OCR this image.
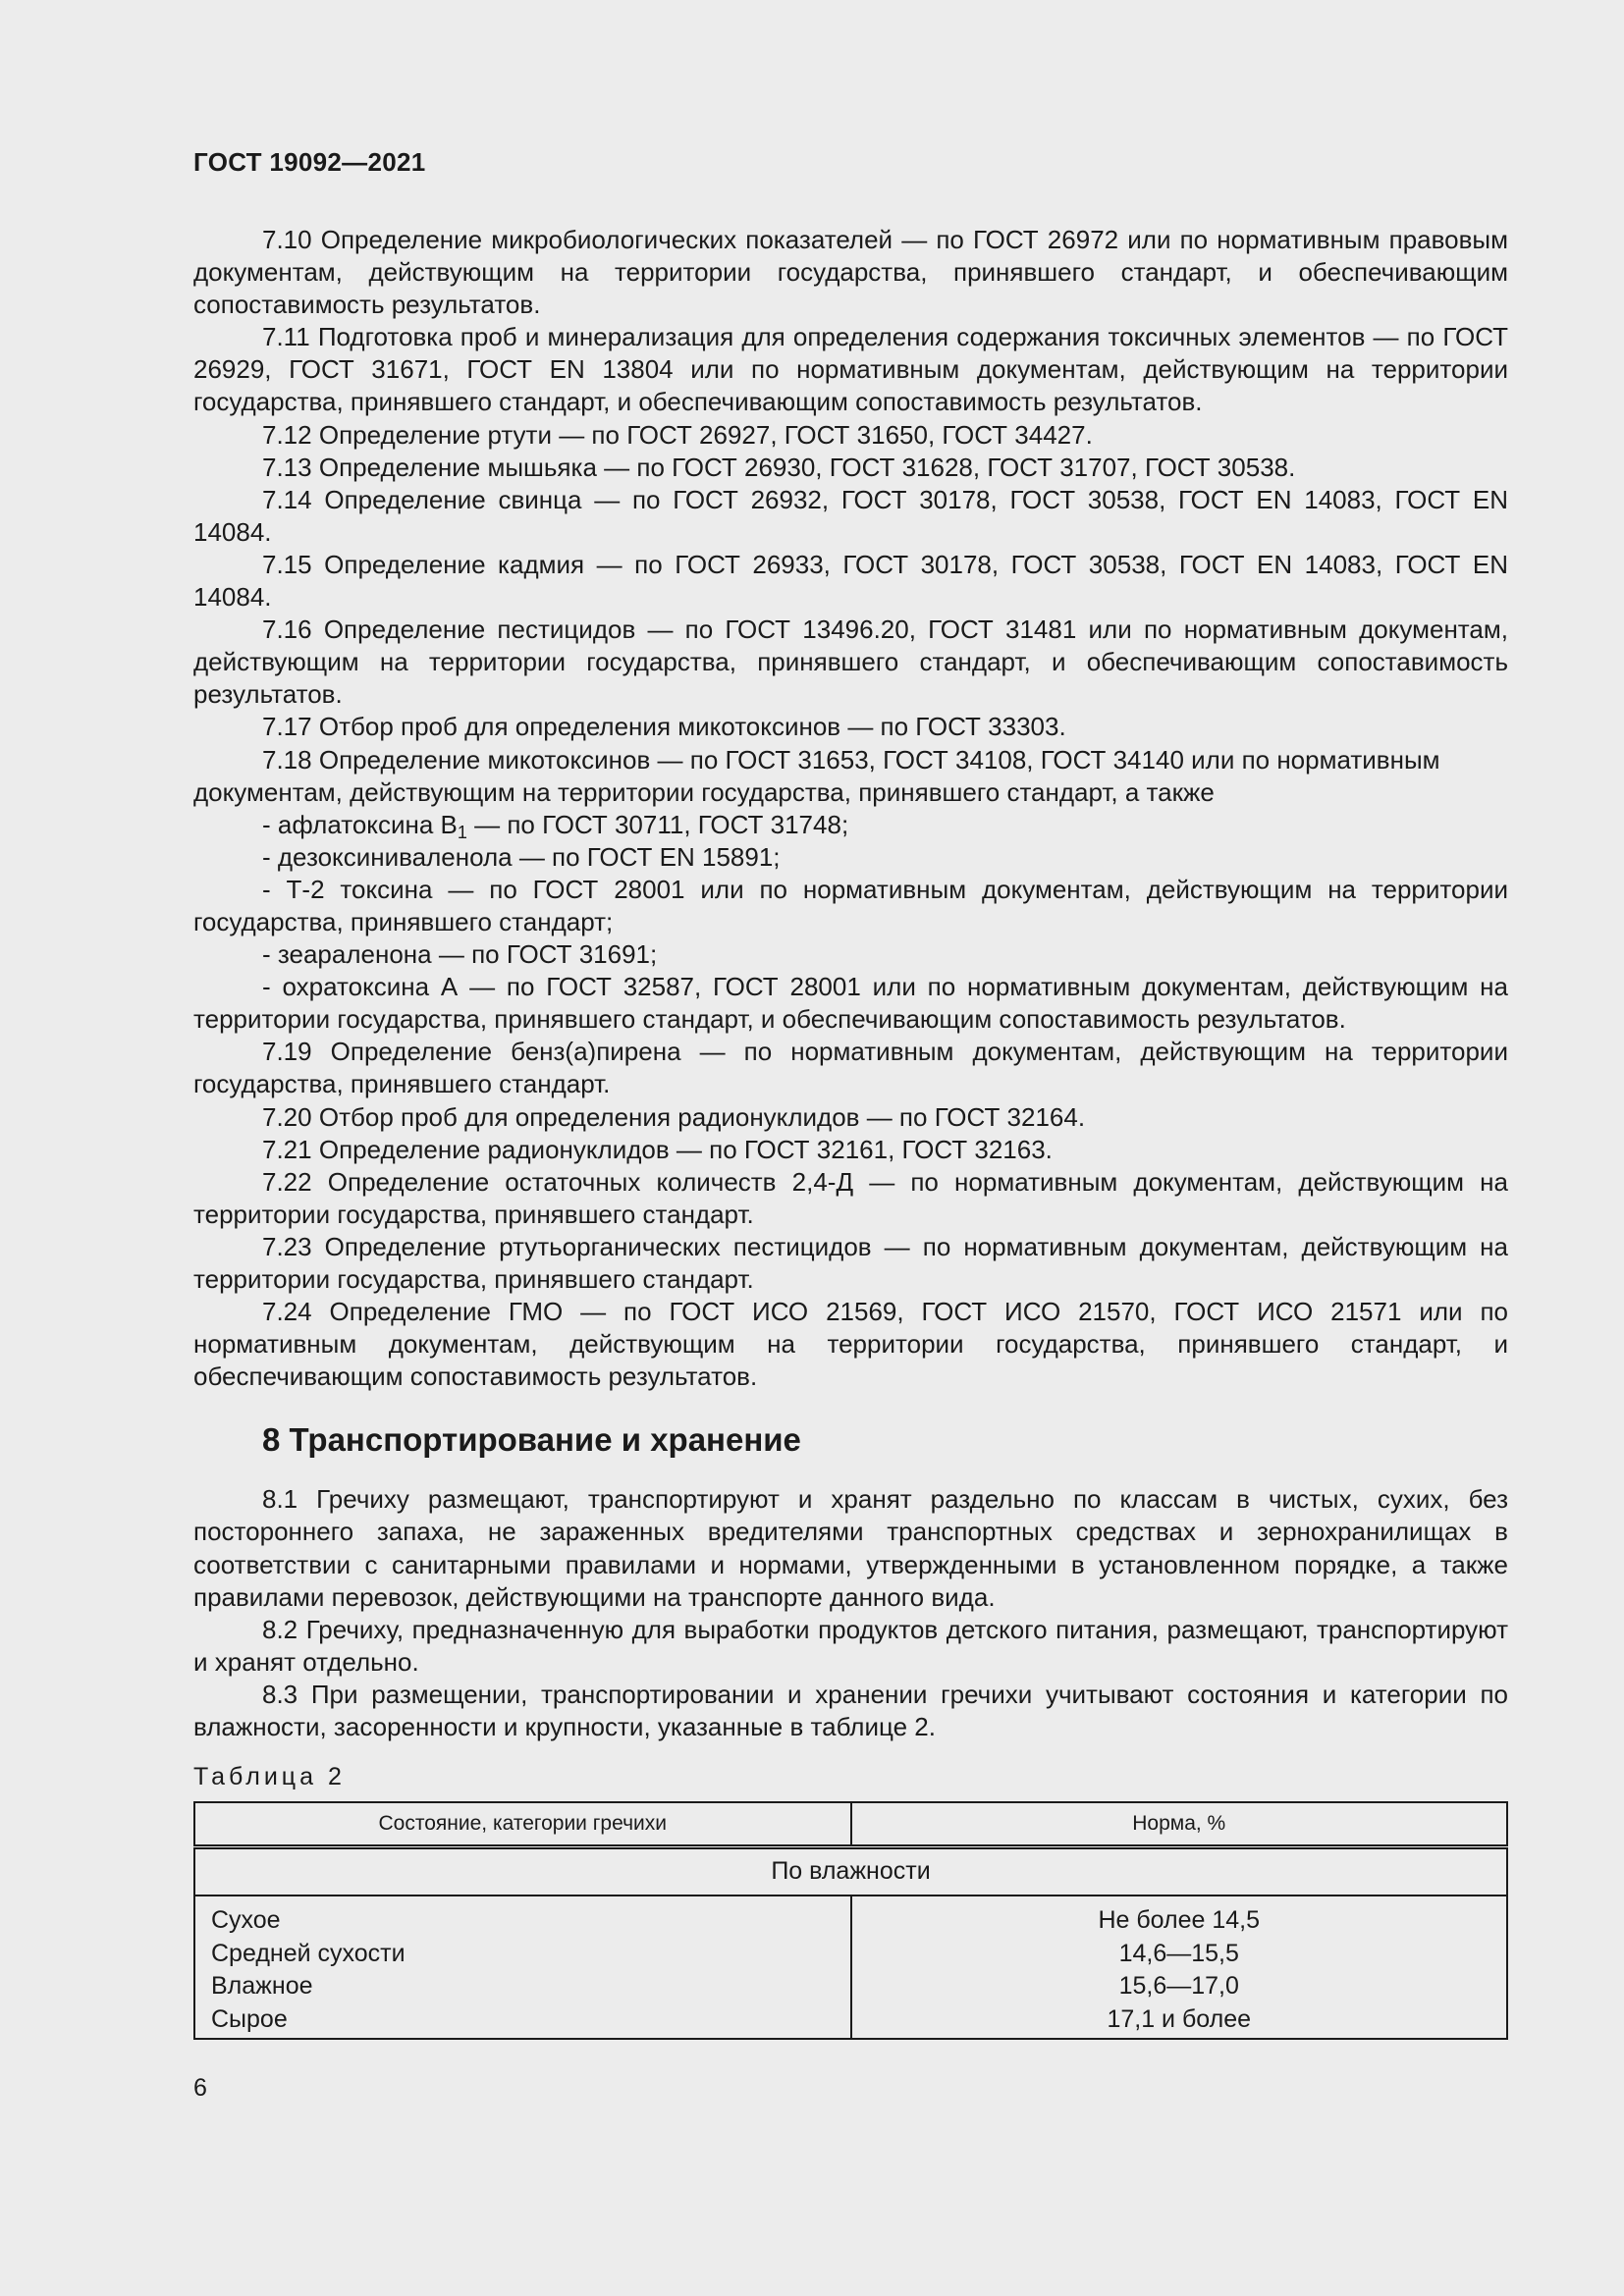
ГОСТ 19092—2021

7.10 Определение микробиологических показателей — по ГОСТ 26972 или по нормативным правовым документам, действующим на территории государства, принявшего стандарт, и обеспечивающим сопоставимость результатов.

7.11 Подготовка проб и минерализация для определения содержания токсичных элементов — по ГОСТ 26929, ГОСТ 31671, ГОСТ EN 13804 или по нормативным документам, действующим на территории государства, принявшего стандарт, и обеспечивающим сопоставимость результатов.

7.12 Определение ртути — по ГОСТ 26927, ГОСТ 31650, ГОСТ 34427.

7.13 Определение мышьяка — по ГОСТ 26930, ГОСТ 31628, ГОСТ 31707, ГОСТ 30538.

7.14 Определение свинца — по ГОСТ 26932, ГОСТ 30178, ГОСТ 30538, ГОСТ EN 14083, ГОСТ EN 14084.

7.15 Определение кадмия — по ГОСТ 26933, ГОСТ 30178, ГОСТ 30538, ГОСТ EN 14083, ГОСТ EN 14084.

7.16 Определение пестицидов — по ГОСТ 13496.20, ГОСТ 31481 или по нормативным документам, действующим на территории государства, принявшего стандарт, и обеспечивающим сопоставимость результатов.

7.17 Отбор проб для определения микотоксинов — по ГОСТ 33303.

7.18 Определение микотоксинов — по ГОСТ 31653, ГОСТ 34108, ГОСТ 34140 или по нормативным документам, действующим на территории государства, принявшего стандарт, а также

- афлатоксина $B_1$ — по ГОСТ 30711, ГОСТ 31748;

- дезоксиниваленола — по ГОСТ EN 15891;

- Т-2 токсина — по ГОСТ 28001 или по нормативным документам, действующим на территории государства, принявшего стандарт;

- зеараленона — по ГОСТ 31691;

- охратоксина А — по ГОСТ 32587, ГОСТ 28001 или по нормативным документам, действующим на территории государства, принявшего стандарт, и обеспечивающим сопоставимость результатов.

7.19 Определение бенз(а)пирена — по нормативным документам, действующим на территории государства, принявшего стандарт.

7.20 Отбор проб для определения радионуклидов — по ГОСТ 32164.

7.21 Определение радионуклидов — по ГОСТ 32161, ГОСТ 32163.

7.22 Определение остаточных количеств 2,4-Д — по нормативным документам, действующим на территории государства, принявшего стандарт.

7.23 Определение ртутьорганических пестицидов — по нормативным документам, действующим на территории государства, принявшего стандарт.

7.24 Определение ГМО — по ГОСТ ИСО 21569, ГОСТ ИСО 21570, ГОСТ ИСО 21571 или по нормативным документам, действующим на территории государства, принявшего стандарт, и обеспечивающим сопоставимость результатов.

8 Транспортирование и хранение

8.1 Гречиху размещают, транспортируют и хранят раздельно по классам в чистых, сухих, без постороннего запаха, не зараженных вредителями транспортных средствах и зернохранилищах в соответствии с санитарными правилами и нормами, утвержденными в установленном порядке, а также правилами перевозок, действующими на транспорте данного вида.

8.2 Гречиху, предназначенную для выработки продуктов детского питания, размещают, транспортируют и хранят отдельно.

8.3 При размещении, транспортировании и хранении гречихи учитывают состояния и категории по влажности, засоренности и крупности, указанные в таблице 2.

Таблица 2
Состояние, категории гречихи	Норма, %
По влажности	
Сухое	Не более 14,5
Средней сухости	14,6—15,5
Влажное	15,6—17,0
Сырое	17,1 и более
6
